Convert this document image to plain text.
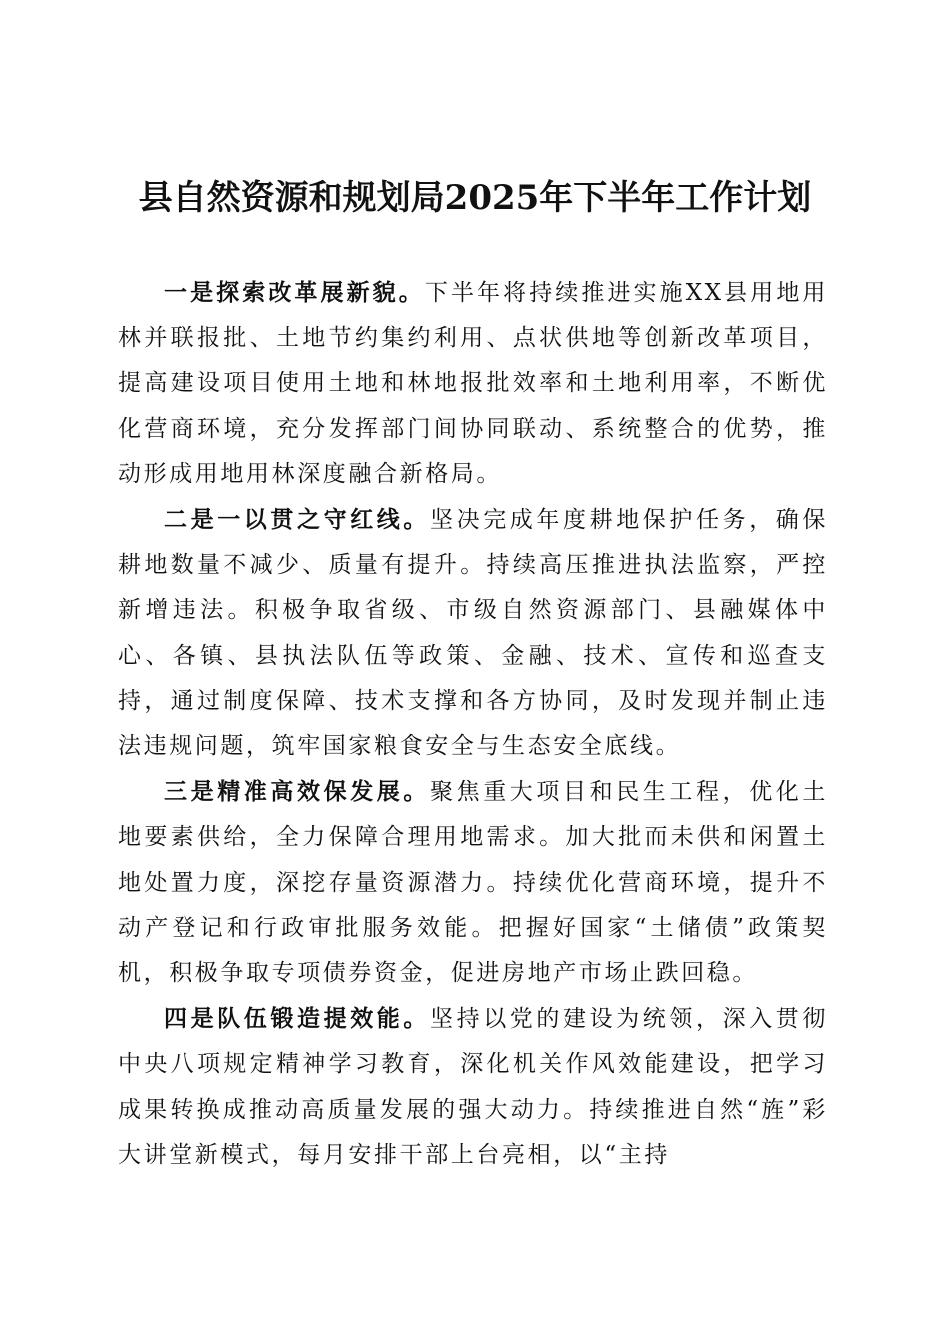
县自然资源和规划局2025年下半年工作计划

一是探索改革展新貌。下半年将持续推进实施XX县用地用林并联报批、土地节约集约利用、点状供地等创新改革项目，提高建设项目使用土地和林地报批效率和土地利用率，不断优化营商环境，充分发挥部门间协同联动、系统整合的优势，推动形成用地用林深度融合新格局。

二是一以贯之守红线。坚决完成年度耕地保护任务，确保耕地数量不减少、质量有提升。持续高压推进执法监察，严控新增违法。积极争取省级、市级自然资源部门、县融媒体中心、各镇、县执法队伍等政策、金融、技术、宣传和巡查支持，通过制度保障、技术支撑和各方协同，及时发现并制止违法违规问题，筑牢国家粮食安全与生态安全底线。

三是精准高效保发展。聚焦重大项目和民生工程，优化土地要素供给，全力保障合理用地需求。加大批而未供和闲置土地处置力度，深挖存量资源潜力。持续优化营商环境，提升不动产登记和行政审批服务效能。把握好国家“土储债”政策契机，积极争取专项债券资金，促进房地产市场止跌回稳。

四是队伍锻造提效能。坚持以党的建设为统领，深入贯彻中央八项规定精神学习教育，深化机关作风效能建设，把学习成果转换成推动高质量发展的强大动力。持续推进自然“旌”彩大讲堂新模式，每月安排干部上台亮相，以“主持
